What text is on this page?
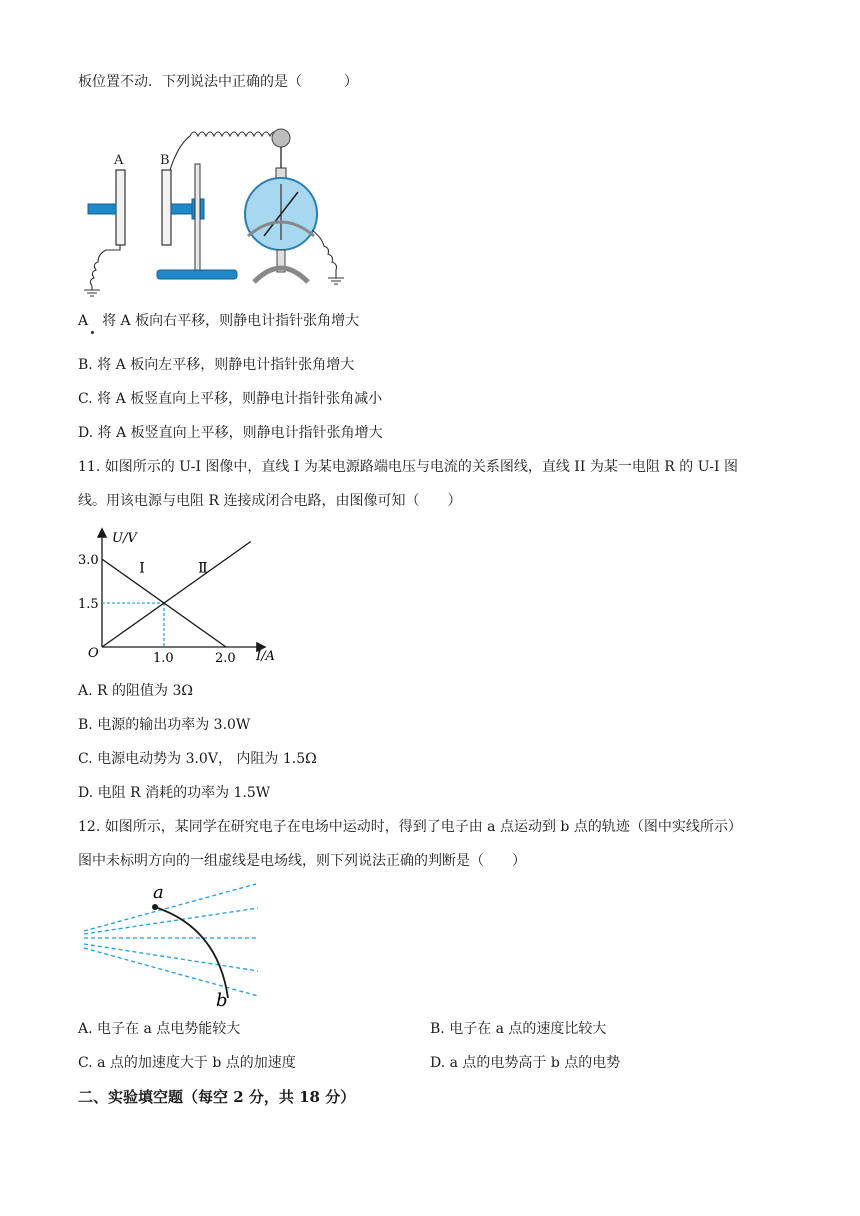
板位置不动．下列说法中正确的是（　　　）
A	B
A　将 A 板向右平移，则静电计指针张角增大
B. 将 A 板向左平移，则静电计指针张角增大
C. 将 A 板竖直向上平移，则静电计指针张角减小
D. 将 A 板竖直向上平移，则静电计指针张角增大
11. 如图所示的 U-I 图像中，直线 I 为某电源路端电压与电流的关系图线，直线 II 为某一电阻 R 的 U-I 图
线。用该电源与电阻 R 连接成闭合电路，由图像可知（　　）
Ⅰ	Ⅱ
U/V
I/A
O	1.0	2.0
1.5
3.0
A. R 的阻值为 3Ω
B. 电源的输出功率为 3.0W
C. 电源电动势为 3.0V， 内阻为 1.5Ω
D. 电阻 R 消耗的功率为 1.5W
12. 如图所示，某同学在研究电子在电场中运动时，得到了电子由 a 点运动到 b 点的轨迹（图中实线所示）
图中未标明方向的一组虚线是电场线，则下列说法正确的判断是（　　）
a
b
A. 电子在 a 点电势能较大	B. 电子在 a 点的速度比较大
C. a 点的加速度大于 b 点的加速度	D. a 点的电势高于 b 点的电势
二、实验填空题（每空 2 分，共 18 分）
